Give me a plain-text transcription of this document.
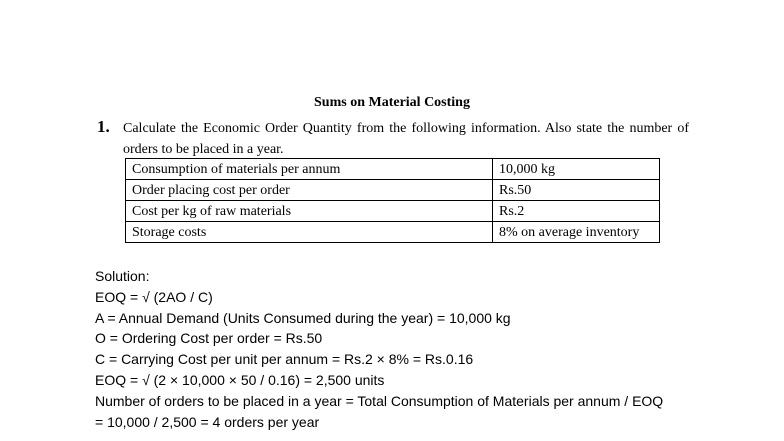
Sums on Material Costing
1. Calculate the Economic Order Quantity from the following information. Also state the number of orders to be placed in a year.
Consumption of materials per annum	10,000 kg
Order placing cost per order	Rs.50
Cost per kg of raw materials	Rs.2
Storage costs	8% on average inventory
Solution:
EOQ = √ (2AO / C)
A = Annual Demand (Units Consumed during the year) = 10,000 kg
O = Ordering Cost per order = Rs.50
C = Carrying Cost per unit per annum = Rs.2 × 8% = Rs.0.16
EOQ = √ (2 × 10,000 × 50 / 0.16) = 2,500 units
Number of orders to be placed in a year = Total Consumption of Materials per annum / EOQ
= 10,000 / 2,500 = 4 orders per year
